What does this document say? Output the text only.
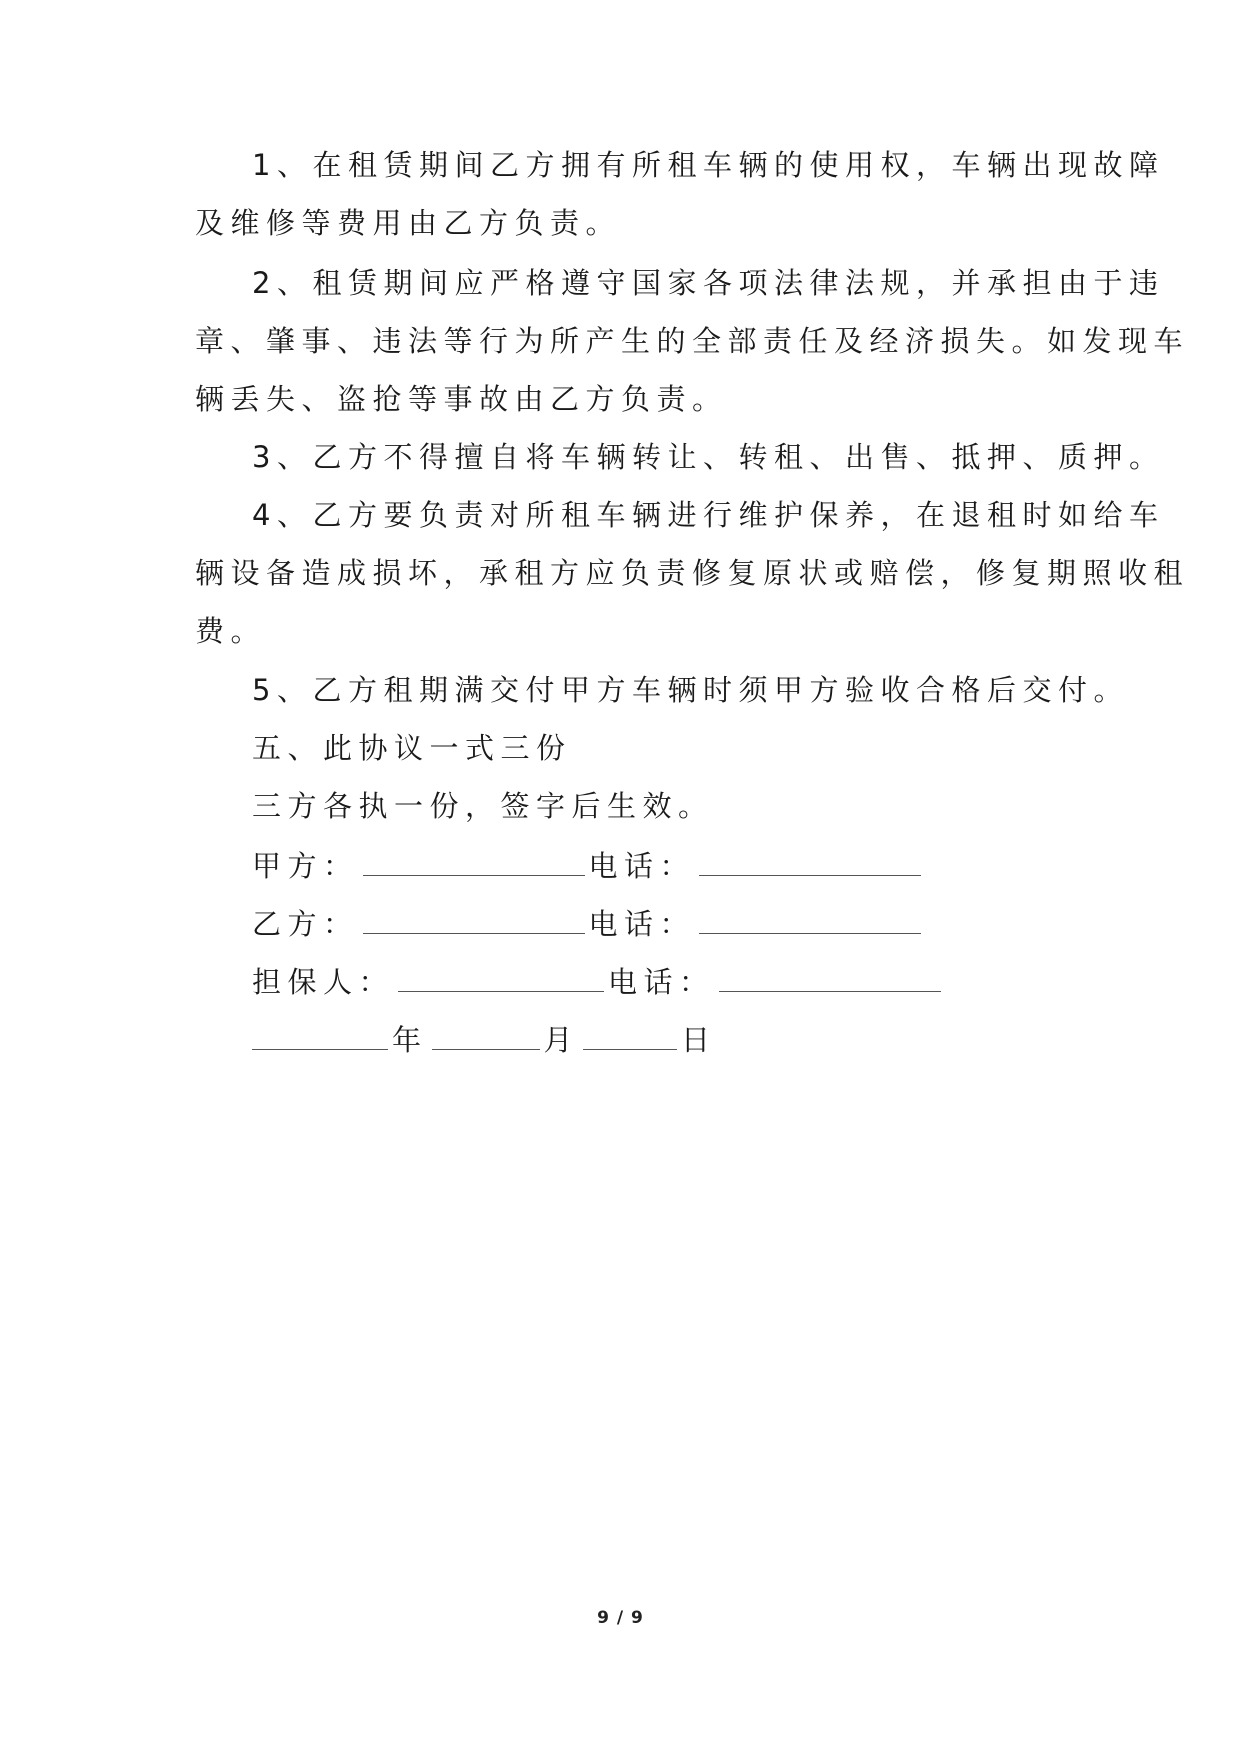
1、在租赁期间乙方拥有所租车辆的使用权，车辆出现故障
及维修等费用由乙方负责。
2、租赁期间应严格遵守国家各项法律法规，并承担由于违
章、肇事、违法等行为所产生的全部责任及经济损失。如发现车
辆丢失、盗抢等事故由乙方负责。
3、乙方不得擅自将车辆转让、转租、出售、抵押、质押。
4、乙方要负责对所租车辆进行维护保养，在退租时如给车
辆设备造成损坏，承租方应负责修复原状或赔偿，修复期照收租
费。
5、乙方租期满交付甲方车辆时须甲方验收合格后交付。
五、此协议一式三份
三方各执一份，签字后生效。
甲方：	电话：
乙方：	电话：
担保人：	电话：
年	月	日
9 / 9
